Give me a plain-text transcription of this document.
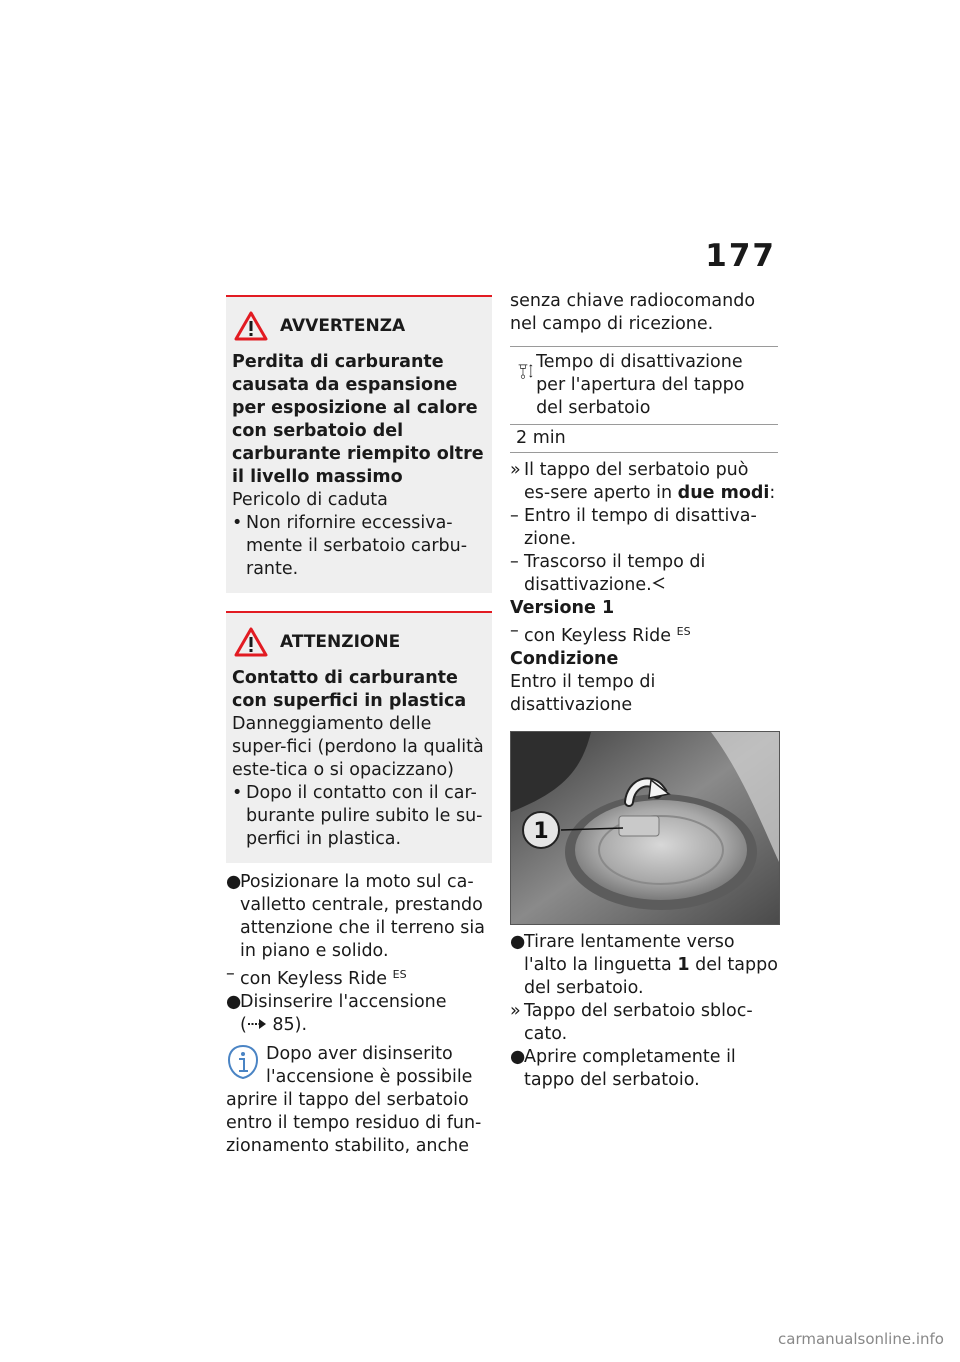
177
AVVERTENZA

Perdita di carburante causata da espansione per esposizione al calore con serbatoio del carburante riempito oltre il livello massimo

Pericolo di caduta

• Non rifornire eccessiva-mente il serbatoio carbu-rante.
ATTENZIONE

Contatto di carburante con superfici in plastica

Danneggiamento delle super-fici (perdono la qualità este-tica o si opacizzano)

• Dopo il contatto con il car-burante pulire subito le su-perfici in plastica.
●
Posizionare la moto sul ca-valletto centrale, prestando attenzione che il terreno sia in piano e solido.
– con Keyless Ride $^{ES}$
●
Disinserire l'accensione
( 85).
Dopo aver disinserito l'accensione è possibile

aprire il tappo del serbatoio entro il tempo residuo di fun-zionamento stabilito, anche

senza chiave radiocomando nel campo di ricezione.

Tempo di disattivazione per l'apertura del tappo del serbatoio
2 min
» Il tappo del serbatoio può es-sere aperto in due modi:
– Entro il tempo di disattiva-zione.
– Trascorso il tempo di disattivazione.

Versione 1

– con Keyless Ride $^{ES}$

Condizione

Entro il tempo di disattivazione

1
●
Tirare lentamente verso l'alto la linguetta 1 del tappo del serbatoio.
» Tappo del serbatoio sbloc-cato.
●
Aprire completamente il tappo del serbatoio.
carmanualsonline.info
